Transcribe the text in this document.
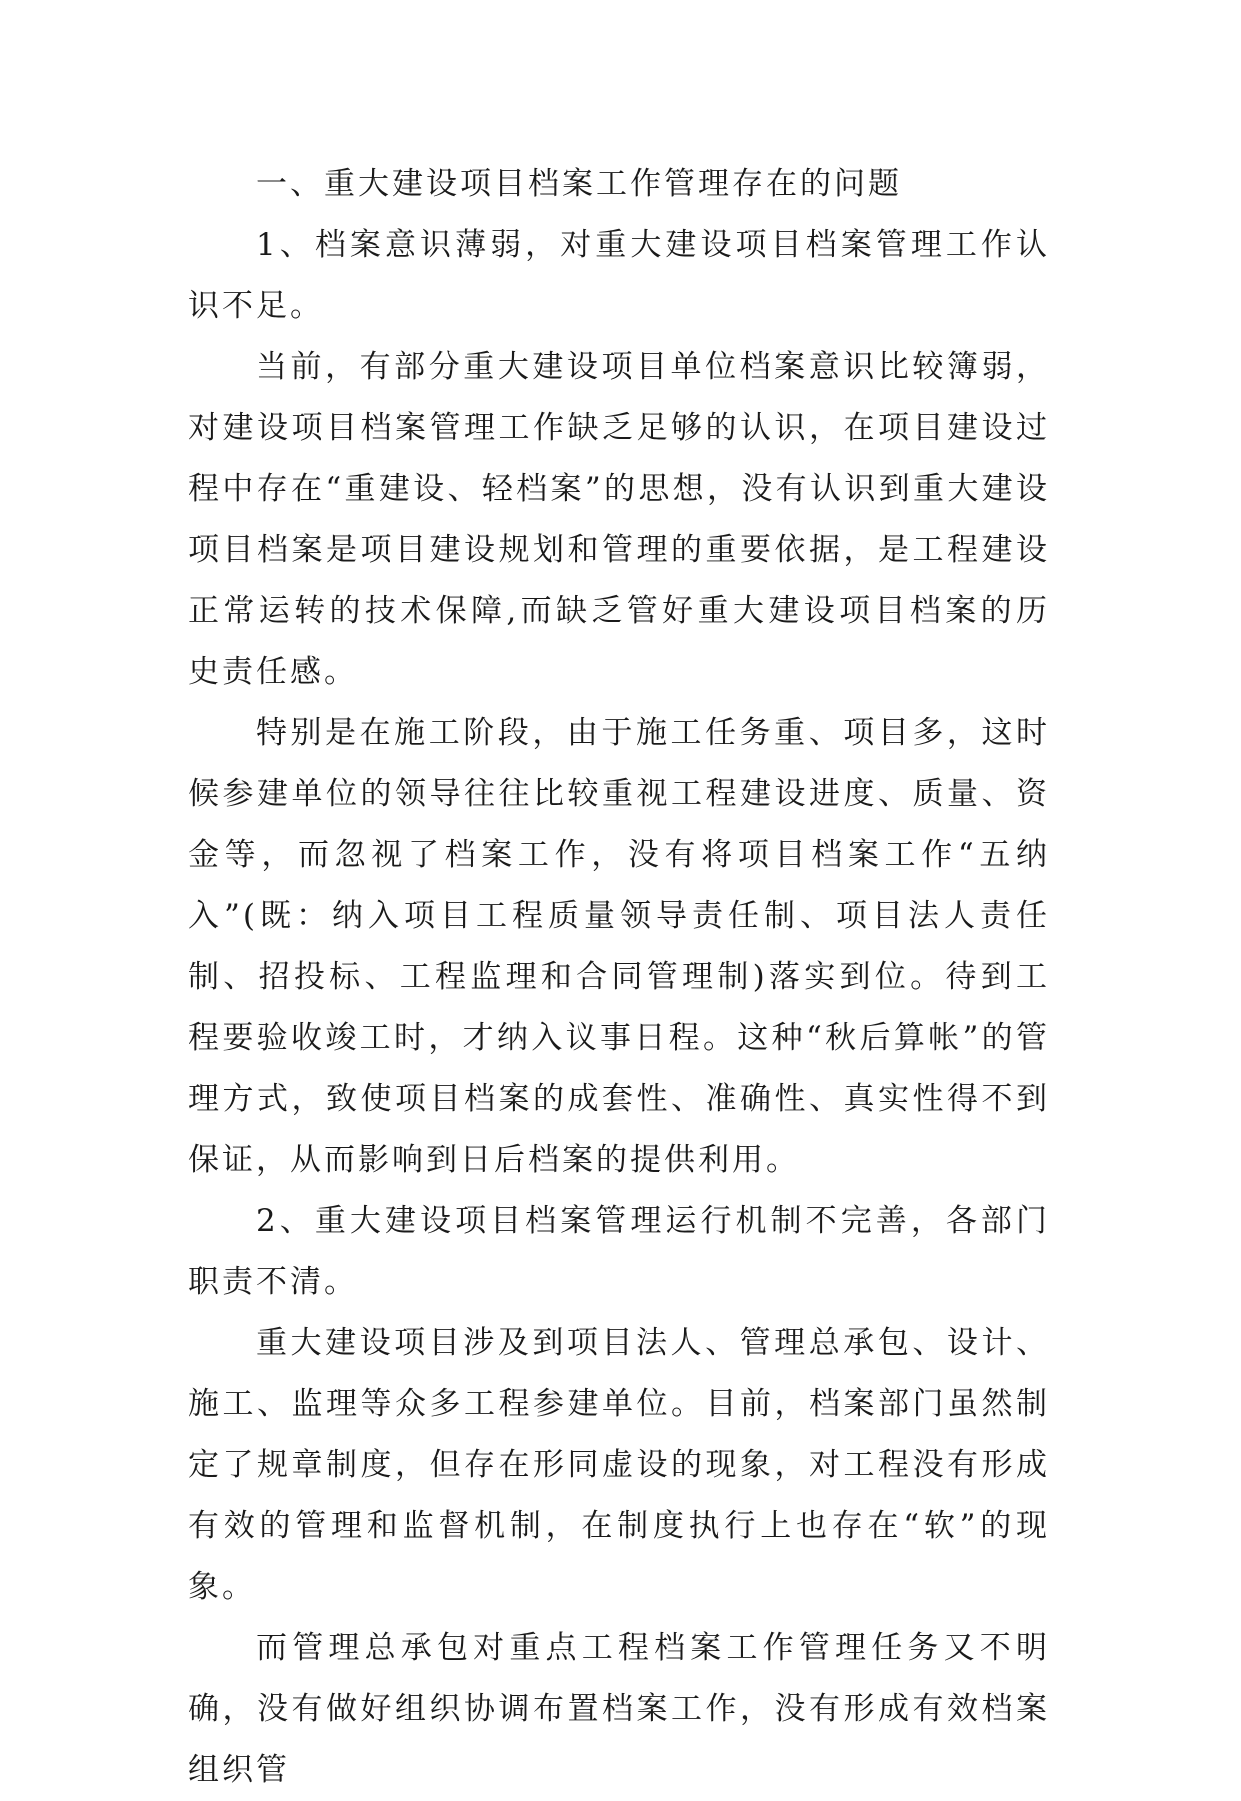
一、重大建设项目档案工作管理存在的问题

1、档案意识薄弱，对重大建设项目档案管理工作认识不足。

当前，有部分重大建设项目单位档案意识比较簿弱，对建设项目档案管理工作缺乏足够的认识，在项目建设过程中存在“重建设、轻档案”的思想，没有认识到重大建设项目档案是项目建设规划和管理的重要依据，是工程建设正常运转的技术保障,而缺乏管好重大建设项目档案的历史责任感。

特别是在施工阶段，由于施工任务重、项目多，这时候参建单位的领导往往比较重视工程建设进度、质量、资金等，而忽视了档案工作，没有将项目档案工作“五纳入”(既：纳入项目工程质量领导责任制、项目法人责任制、招投标、工程监理和合同管理制)落实到位。待到工程要验收竣工时，才纳入议事日程。这种“秋后算帐”的管理方式，致使项目档案的成套性、准确性、真实性得不到保证，从而影响到日后档案的提供利用。

2、重大建设项目档案管理运行机制不完善，各部门职责不清。

重大建设项目涉及到项目法人、管理总承包、设计、施工、监理等众多工程参建单位。目前，档案部门虽然制定了规章制度，但存在形同虚设的现象，对工程没有形成有效的管理和监督机制，在制度执行上也存在“软”的现象。

而管理总承包对重点工程档案工作管理任务又不明确，没有做好组织协调布置档案工作，没有形成有效档案组织管
